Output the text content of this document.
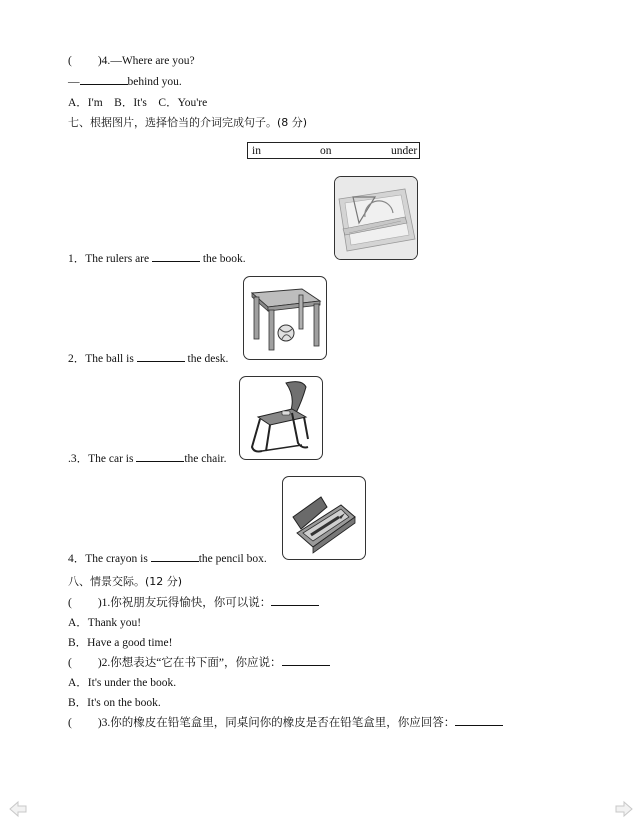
( )4.—Where are you?
—	behind you.
A．I'm　B．It's　C．You're
七、根据图片，选择恰当的介词完成句子。(8 分)
in	on	under
1．The rulers are	the book.
2．The ball is	the desk.
.3．The car is	the chair.
4．The crayon is	the pencil box.
八、情景交际。(12 分)
( )1.你祝朋友玩得愉快，你可以说：
A．Thank you!
B．Have a good time!
( )2.你想表达“它在书下面”，你应说：
A．It's under the book.
B．It's on the book.
( )3.你的橡皮在铅笔盒里，同桌问你的橡皮是否在铅笔盒里，你应回答：
